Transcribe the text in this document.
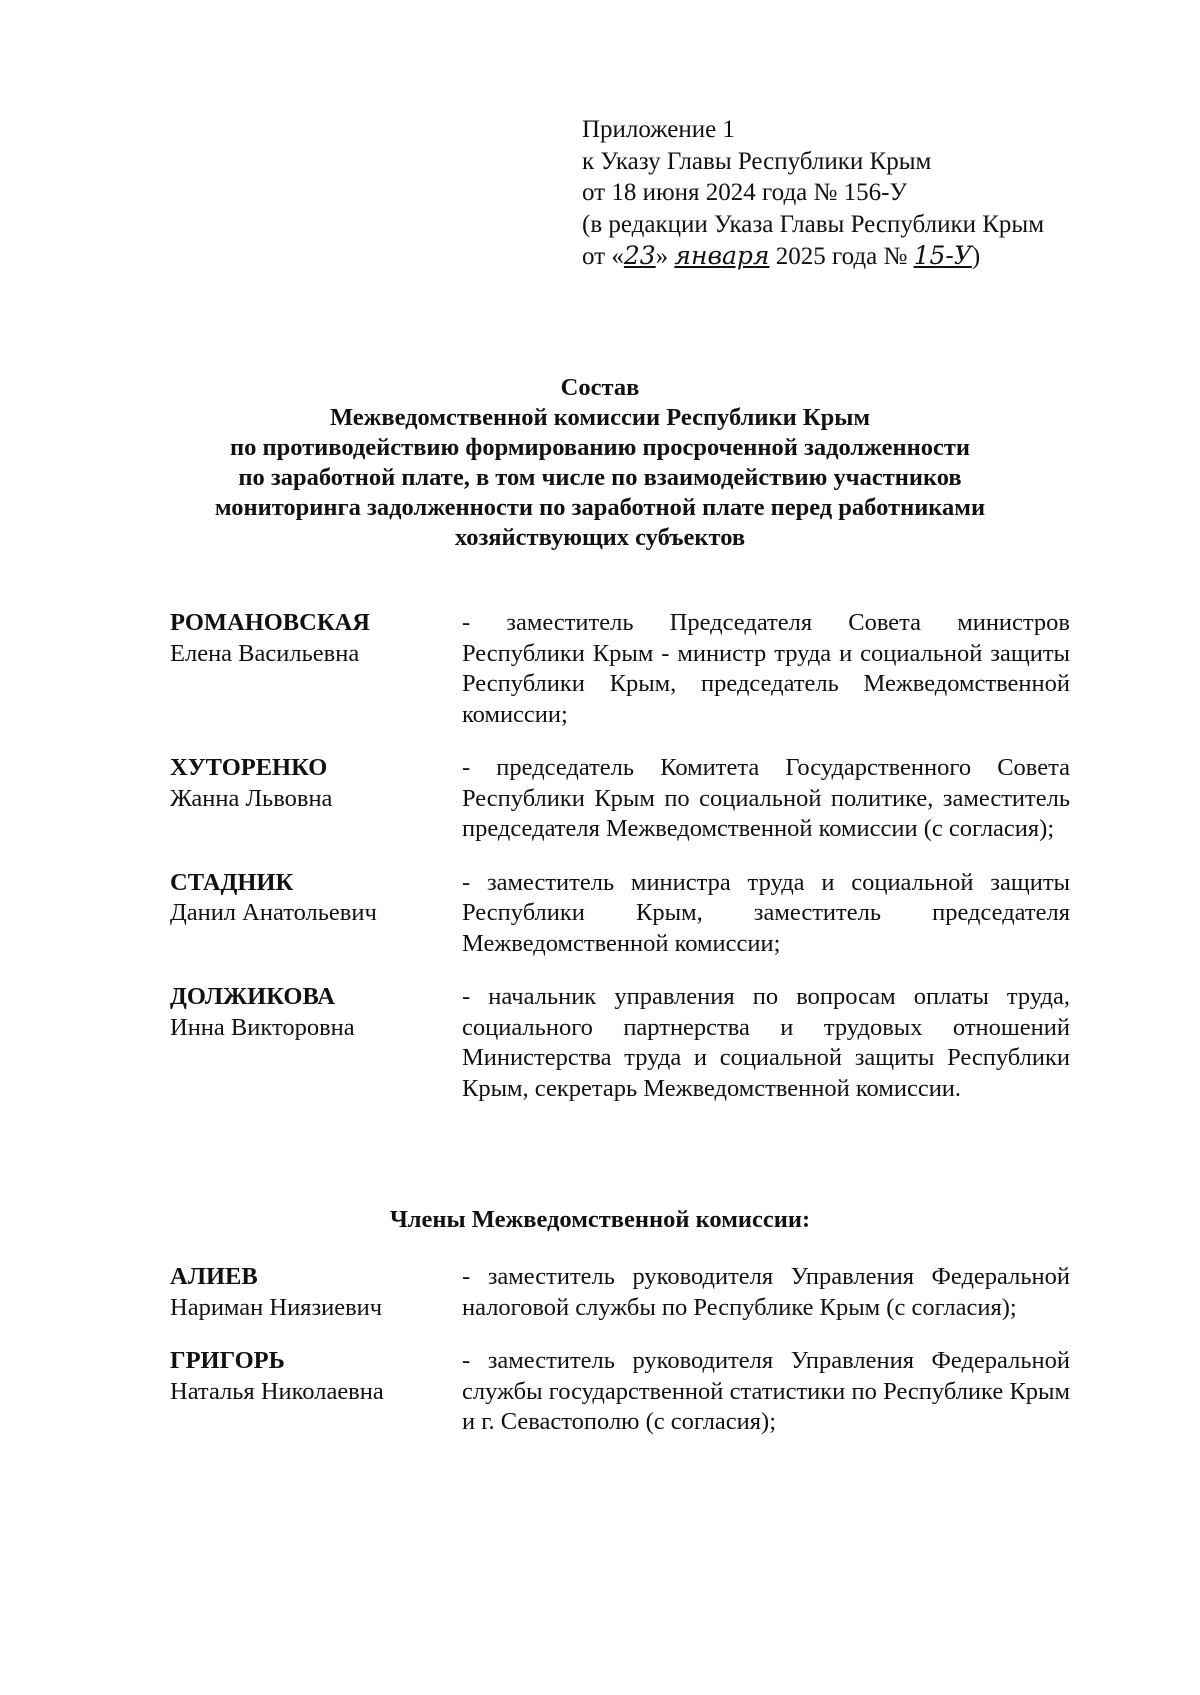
Приложение 1
к Указу Главы Республики Крым
от 18 июня 2024 года № 156-У
(в редакции Указа Главы Республики Крым
от «23» января 2025 года № 15-У)
Состав
Межведомственной комиссии Республики Крым
по противодействию формированию просроченной задолженности
по заработной плате, в том числе по взаимодействию участников
мониторинга задолженности по заработной плате перед работниками
хозяйствующих субъектов
РОМАНОВСКАЯ
Елена Васильевна
- заместитель Председателя Совета министров Республики Крым - министр труда и социальной защиты Республики Крым, председатель Межведомственной комиссии;
ХУТОРЕНКО
Жанна Львовна
- председатель Комитета Государственного Совета Республики Крым по социальной политике, заместитель председателя Межведомственной комиссии (с согласия);
СТАДНИК
Данил Анатольевич
- заместитель министра труда и социальной защиты Республики Крым, заместитель председателя Межведомственной комиссии;
ДОЛЖИКОВА
Инна Викторовна
- начальник управления по вопросам оплаты труда, социального партнерства и трудовых отношений Министерства труда и социальной защиты Республики Крым, секретарь Межведомственной комиссии.
Члены Межведомственной комиссии:
АЛИЕВ
Нариман Ниязиевич
- заместитель руководителя Управления Федеральной налоговой службы по Республике Крым (с согласия);
ГРИГОРЬ
Наталья Николаевна
- заместитель руководителя Управления Федеральной службы государственной статистики по Республике Крым и г. Севастополю (с согласия);
